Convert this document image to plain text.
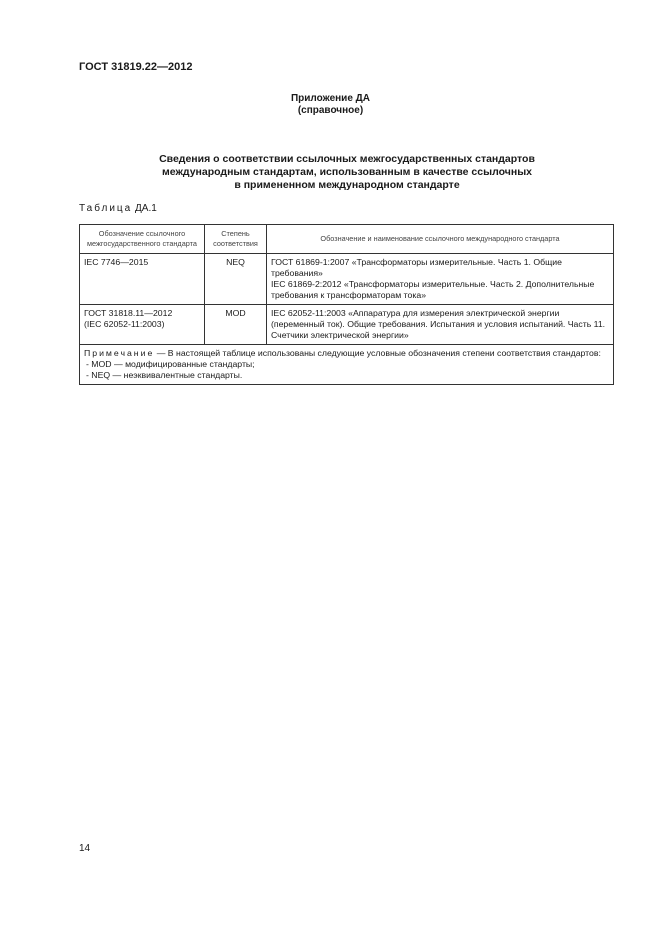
ГОСТ 31819.22—2012
Приложение ДА
(справочное)
Сведения о соответствии ссылочных межгосударственных стандартов
международным стандартам, использованным в качестве ссылочных
в примененном международном стандарте
Таблица ДА.1
Обозначение ссылочного межгосударственного стандарта	Степень соответствия	Обозначение и наименование ссылочного международного стандарта
IEC 7746—2015	NEQ	ГОСТ 61869-1:2007 «Трансформаторы измерительные. Часть 1. Общие требования»
IEC 61869-2:2012 «Трансформаторы измерительные. Часть 2. Дополнительные требования к трансформаторам тока»

ГОСТ 31818.11—2012
(IEC 62052-11:2003)	MOD	IEC 62052-11:2003 «Аппаратура для измерения электрической энергии (переменный ток). Общие требования. Испытания и условия испытаний. Часть 11. Счетчики электрической энергии»

Примечание — В настоящей таблице использованы следующие условные обозначения степени соответствия стандартов:
- MOD — модифицированные стандарты;
- NEQ — неэквивалентные стандарты.		
14
